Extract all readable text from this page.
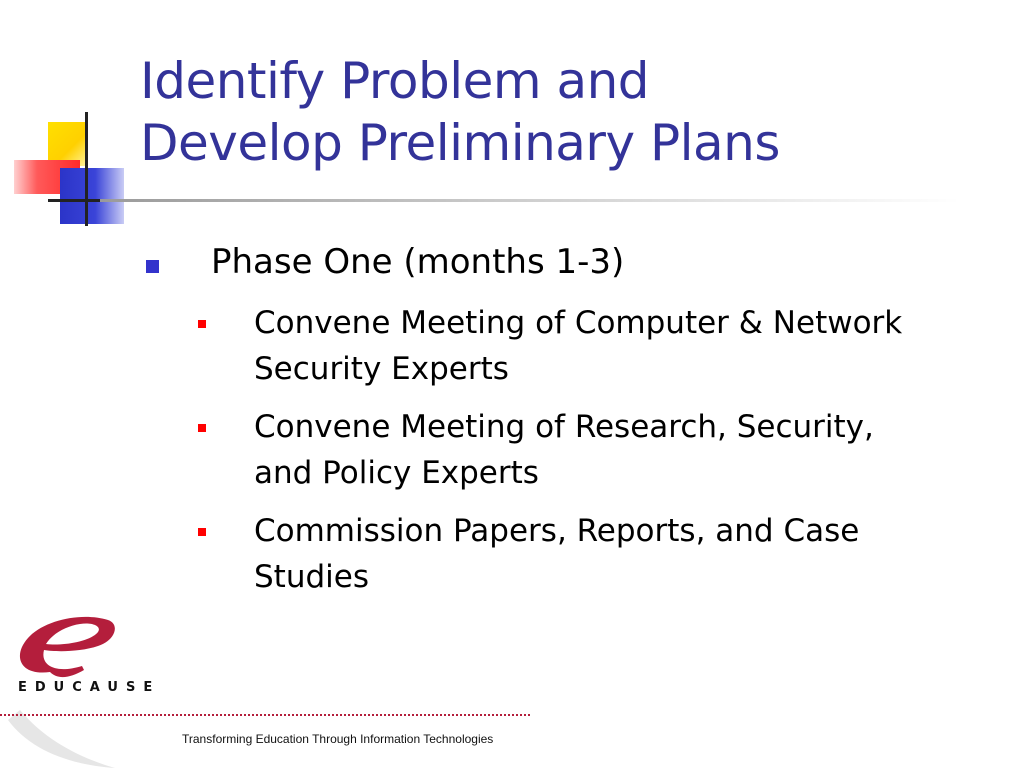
Identify Problem and
Develop Preliminary Plans
Phase One (months 1-3)
Convene Meeting of Computer & Network
Security Experts
Convene Meeting of Research, Security,
and Policy Experts
Commission Papers, Reports, and Case
Studies
EDUCAUSE
Transforming Education Through Information Technologies
